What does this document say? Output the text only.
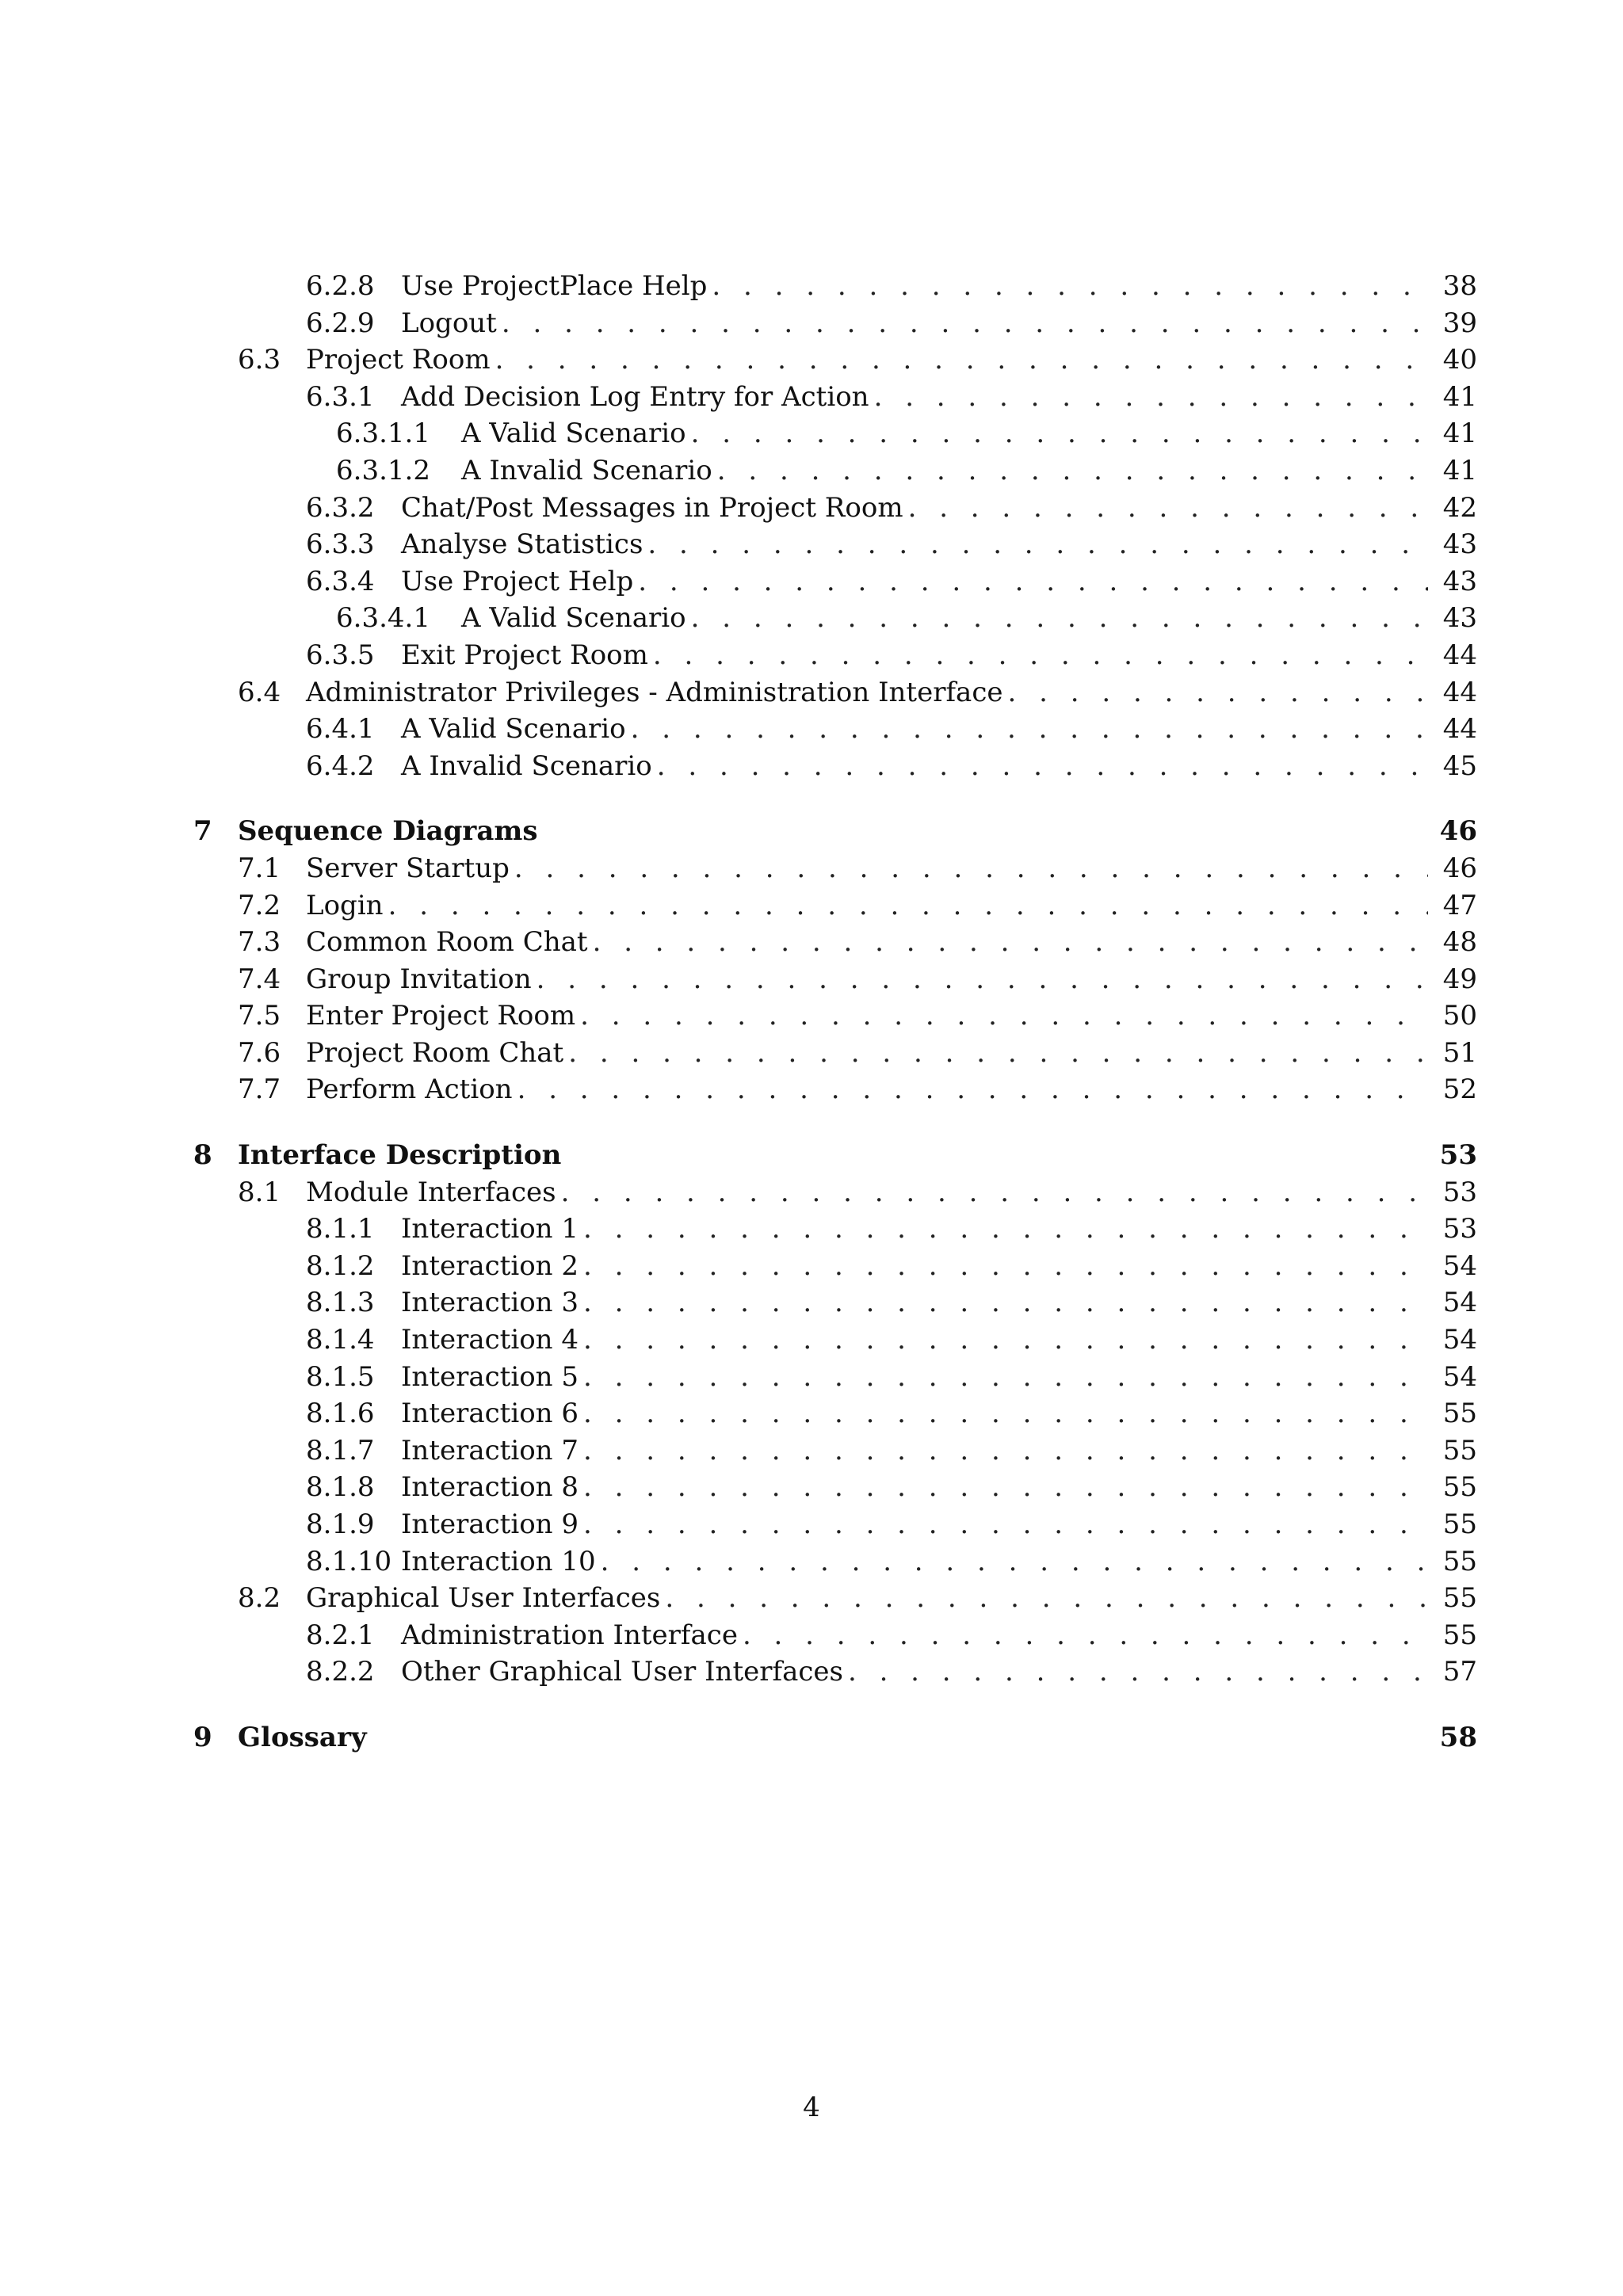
6.2.8 Use ProjectPlace Help . . .	38
6.2.9 Logout . . .	39
6.3 Project Room . . .	40
6.3.1 Add Decision Log Entry for Action . . .	41
6.3.1.1	A Valid Scenario . . .	41
6.3.1.2	A Invalid Scenario . . .	41
6.3.2 Chat/Post Messages in Project Room . . .	42
6.3.3 Analyse Statistics . . .	43
6.3.4 Use Project Help . . .	43
6.3.4.1	A Valid Scenario . . .	43
6.3.5 Exit Project Room . . .	44
6.4 Administrator Privileges - Administration Interface . . .	44
6.4.1 A Valid Scenario . . .	44
6.4.2 A Invalid Scenario . . .	45
7 Sequence Diagrams	46
7.1 Server Startup . . .	46
7.2 Login . . .	47
7.3 Common Room Chat . . .	48
7.4 Group Invitation . . .	49
7.5 Enter Project Room . . .	50
7.6 Project Room Chat . . .	51
7.7 Perform Action . . .	52
8 Interface Description	53
8.1 Module Interfaces . . .	53
8.1.1 Interaction 1 . . .	53
8.1.2 Interaction 2 . . .	54
8.1.3 Interaction 3 . . .	54
8.1.4 Interaction 4 . . .	54
8.1.5 Interaction 5 . . .	54
8.1.6 Interaction 6 . . .	55
8.1.7 Interaction 7 . . .	55
8.1.8 Interaction 8 . . .	55
8.1.9 Interaction 9 . . .	55
8.1.10 Interaction 10 . . .	55
8.2 Graphical User Interfaces . . .	55
8.2.1 Administration Interface . . .	55
8.2.2 Other Graphical User Interfaces . . .	57
9 Glossary	58
4
